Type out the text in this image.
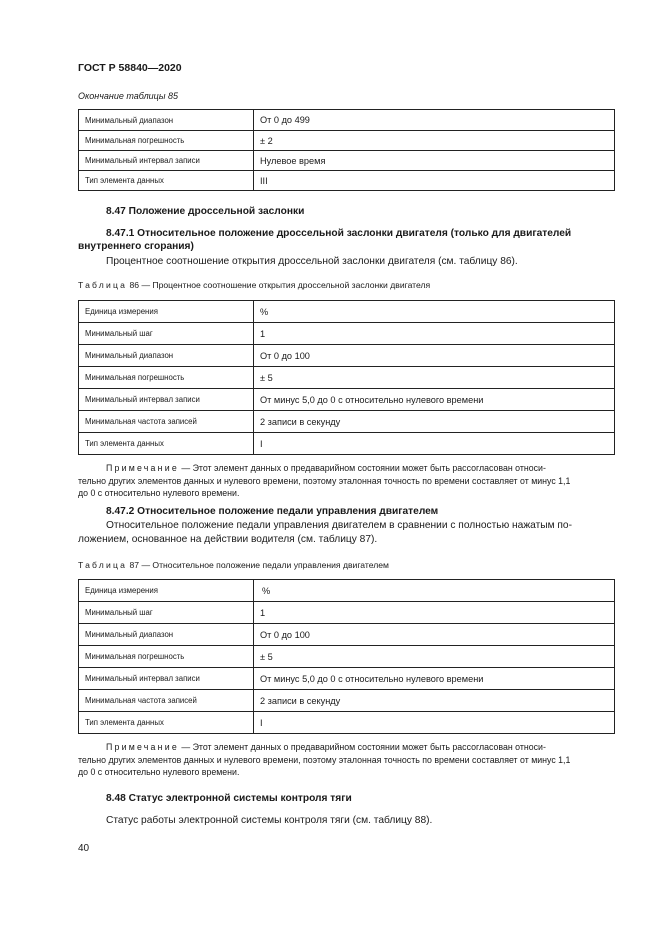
ГОСТ Р 58840—2020
Окончание таблицы 85
Минимальный диапазон	От 0 до 499
Минимальная погрешность	± 2
Минимальный интервал записи	Нулевое время
Тип элемента данных	III
8.47 Положение дроссельной заслонки
8.47.1 Относительное положение дроссельной заслонки двигателя (только для двигателей
внутреннего сгорания)
Процентное соотношение открытия дроссельной заслонки двигателя (см. таблицу 86).
Таблица 86 — Процентное соотношение открытия дроссельной заслонки двигателя
Единица измерения	%
Минимальный шаг	1
Минимальный диапазон	От 0 до 100
Минимальная погрешность	± 5
Минимальный интервал записи	От минус 5,0 до 0 с относительно нулевого времени
Минимальная частота записей	2 записи в секунду
Тип элемента данных	I
Примечание — Этот элемент данных о предаварийном состоянии может быть рассогласован относи-
тельно других элементов данных и нулевого времени, поэтому эталонная точность по времени составляет от минус 1,1
до 0 с относительно нулевого времени.
8.47.2 Относительное положение педали управления двигателем
Относительное положение педали управления двигателем в сравнении с полностью нажатым по-
ложением, основанное на действии водителя (см. таблицу 87).
Таблица 87 — Относительное положение педали управления двигателем
Единица измерения	%
Минимальный шаг	1
Минимальный диапазон	От 0 до 100
Минимальная погрешность	± 5
Минимальный интервал записи	От минус 5,0 до 0 с относительно нулевого времени
Минимальная частота записей	2 записи в секунду
Тип элемента данных	I
Примечание — Этот элемент данных о предаварийном состоянии может быть рассогласован относи-
тельно других элементов данных и нулевого времени, поэтому эталонная точность по времени составляет от минус 1,1
до 0 с относительно нулевого времени.
8.48 Статус электронной системы контроля тяги
Статус работы электронной системы контроля тяги (см. таблицу 88).
40
